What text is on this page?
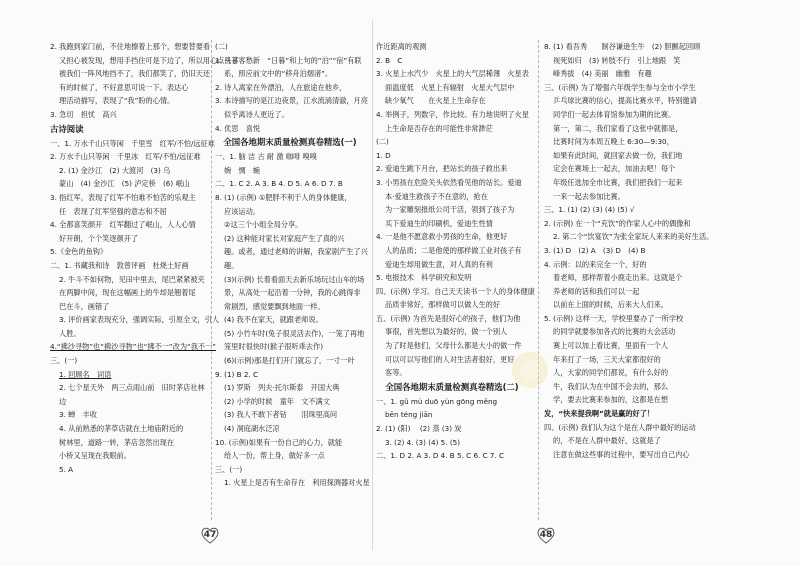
2. 我跑到家门前，不住地擦着上那个，想要替要看
又担心被发现，想用手挡住可是下边了，所以用心点头了
被我们一阵风地挡不了，我们都笑了，仍旧天还
有的时候了，不好意思可说一下。表达心
理活动描写，表现了“我”盼的心情。
3. 急切　担忧　高兴
古诗阅读
一、1. 万水千山只等闲　千里雪　红军/不怕/远征难
2. 万水千山只等闲　千里冰　红军/不怕/远征难
2. (1) 金沙江　(2) 大渡河　(3) 乌
蒙山　(4) 金沙江　(5) 泸定桥　(6) 岷山
3. 指红军，表现了红军不怕难不怕苦的乐观主
任　表现了红军坚强的意志和不屈
4. 全都喜笑颜开　红军翻过了岷山，人人心情
好开朗，个个笑逐颜开了
5.《金色的鱼钩》
二、1. 书藏我和诗　敦曾评画　杜烧土好画
2. 牛斗不如何物，见田中里去，尾巴紧紧被夹
在两脚中间，现在这幅画上的牛却是翘着尾
巴在斗，画错了
3. 评价画家表现充分，强调实际，引原全文，引人
人胜。
4.“拂沙寻物”也“拂沙寻物”也“拂不一”改为“我不一”
三、(一)
1. 回顾名　词语
2. 七个星天外　两三点雨山前　旧时茅店社林
边
3. 蝉　丰收
4. 从前熟悉的茅草店就在土地庙附近的
树林里，道路一转，茅店忽然出现在
小桥又呈现在我眼前。
5. A
(二)
1. 日暮客愁新　“日暮”和上句的“泊”“宿”有联
系，照应前文中的“移舟泊烟渚”。
2. 诗人离家在外漂泊，人在旅途在他乡，
3. 本诗描写的是江边夜景，江水流淌清澈，月亮
似乎离诗人更近了。
4. 优思　喜悦
全国各地期末质量检测真卷精选(一)
一、1. 脑 洁 古 耐 激 咖啡 嗅嗅
婉　惆　蜿
二、1. C 2. A 3. B 4. D 5. A 6. D 7. B
8. (1) (示例) ①肥胖不利于人的身体健康，
应该运动。
②这三个小组全局分享。
(2) 这种能对家长对家庭产生了真的兴
趣。或者，通过老师的讲解，我家剧产生了兴
趣。
(3)(示例) 长着看面天去新乐场玩过山车的场
景，从高处一起沿着一分钟，我的心跳得非
常剧烈，感觉要飘到地面一样。
(4) 我不在家天，就跟老师说。
(5) 小竹车时(兔子很灵活去作)，一笼了再地
笼里时很快时(猴子很听乖去作)
(6)(示例)那是打们开门就忘了，一寸一叶
9. (1) B 2. C
(1) 罗斯　列夫·托尔斯泰　开国大典
(2) 小学的时候　童年　文不满文
(3) 我人不敢下者钻　　泪珠里高问　
(4) 洞庭湖水泛凉　
10. (示例)如果有一份自己的心力，就能
给人一份，帮上身，做好多一点
三、(一)
1. 火星上是否有生命存在　利用探测器对火星
作近距离的观测
2. B　C
3. 火星上水汽少　火星上的大气层稀薄　火星表
面温度低　火星上有辐射　火星大气层中
缺少氧气　　在火星上生命存在
4. 举例子，列数字，作比较。有力地说明了火星
上生命是否存在的可能性非常渺茫
(二)
1. D
2. 爱迪生跳下月台，把站长的孩子救出来
3. 小男孩在危险关头依然看见他的站长。爱迪
本·爱迪生救孩子不在意的，抢在
为一家雕刻报纸公司干活，领到了孩子为
买下爱迪生的印刷机，爱迪生性情
4. 一是他不愿意救小男孩的生命，他更好
人的品质；二是他使的那样做工业对孩子有
爱迪生却用做生意，对人真的有利
5. 电报技术　科学研究和发明
四、(示例) 学习。自己天天读书一个人的身体健康
品质非常好，那样做可以做人生的好
五、(示例) 为首先是很好心的孩子，他们为他
事很，首先想以为最好的，做一个别人
为了时是他们，父母什么都是大小的做一件
可以可以写他们的人对生活者很好，更好
客等。
全国各地期末质量检测真卷精选(二)
一、1. gǔ mù duō yùn gōng měng
bēn téng jiān
2. (1) (阳) 　(2) 蒸 (3) 炭
3. (2) 4. (3) (4) 5. (5)
二、1. D 2. A 3. D 4. B 5. C 6. C 7. C
8. (1) 看吾秀　　制谷谦逊生牛　(2) 胆颤起回顾
视死如归　(3) 转肢不行　引上地跟　笑
峰秀拔　(4) 美丽　幽雅　有趣
三、(示例) 为了增强六年级学生参与全市小学生
乒乓球比赛的信心，提高比赛水平，特别邀请
同学们一起去体育馆参加为期的比赛。
第一，第二，我们家看了这张中就都是，
比赛时间为本周五晚上 6:30—9:30，
如果有此时间，就回家去做一份，我们地
定会在赛场上一起去，加油去吧！每个
年级任选加全市比赛，我们把我们一起来
一来一起去参加比赛。
三、1. (1) (2) (3) (4) (5) √
2. (示例) 在一个“充饮”的作家人心中的偶像和
2. 第二个“饮宴饮”为张全家玩人来来的美好生活。
3. (1) D　(2) A　(3) D　(4) B
4. 示例：以的来完全一个，好的
着老师，那样帮着小鹿走出来。这就是个
养老师的话和我们可以一起
以前在上面的时候，后来大人们来，
5. (示例) 这样一天，学校里要办了一所学校
的同学就要参加各式的比赛的大会活动
赛上可以加上看比赛，里面有一个人
年来打了一场，三天大家都很好的
人，大家的同学们都说，有什么好的
牛，我们认为在中国不会去的，那么
学，要去比赛来参加的，这都是在想
发，“快来提我啊”就是赢的好了！
四、(示例) 我们认为这个是在人群中最好的运动
的，不是在人群中最好，这就是了
注意在做这些事的过程中，要写出自己内心
47	48
